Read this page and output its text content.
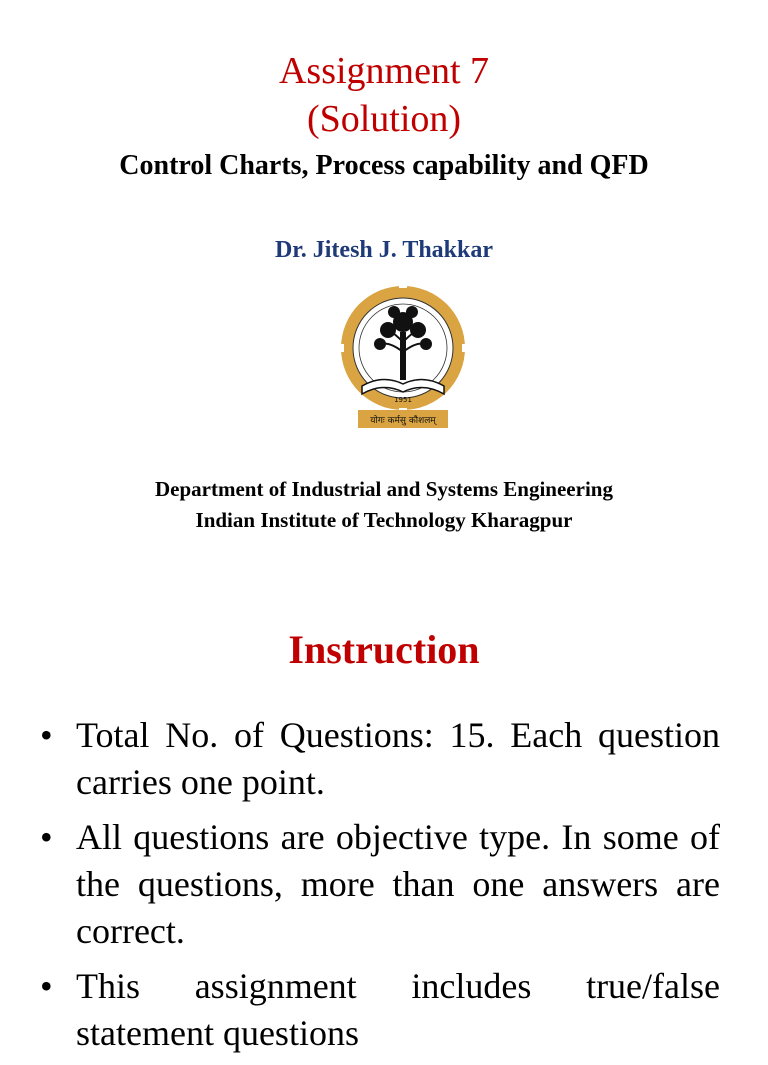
Assignment 7
(Solution)
Control Charts, Process capability and QFD
Dr. Jitesh J. Thakkar
योगः कर्मसु कौशलम्
1951
Department of Industrial and Systems Engineering
Indian Institute of Technology Kharagpur
Instruction
• Total No. of Questions: 15. Each question carries one point.
• All questions are objective type. In some of the questions, more than one answers are correct.
• This assignment includes true/false statement questions
